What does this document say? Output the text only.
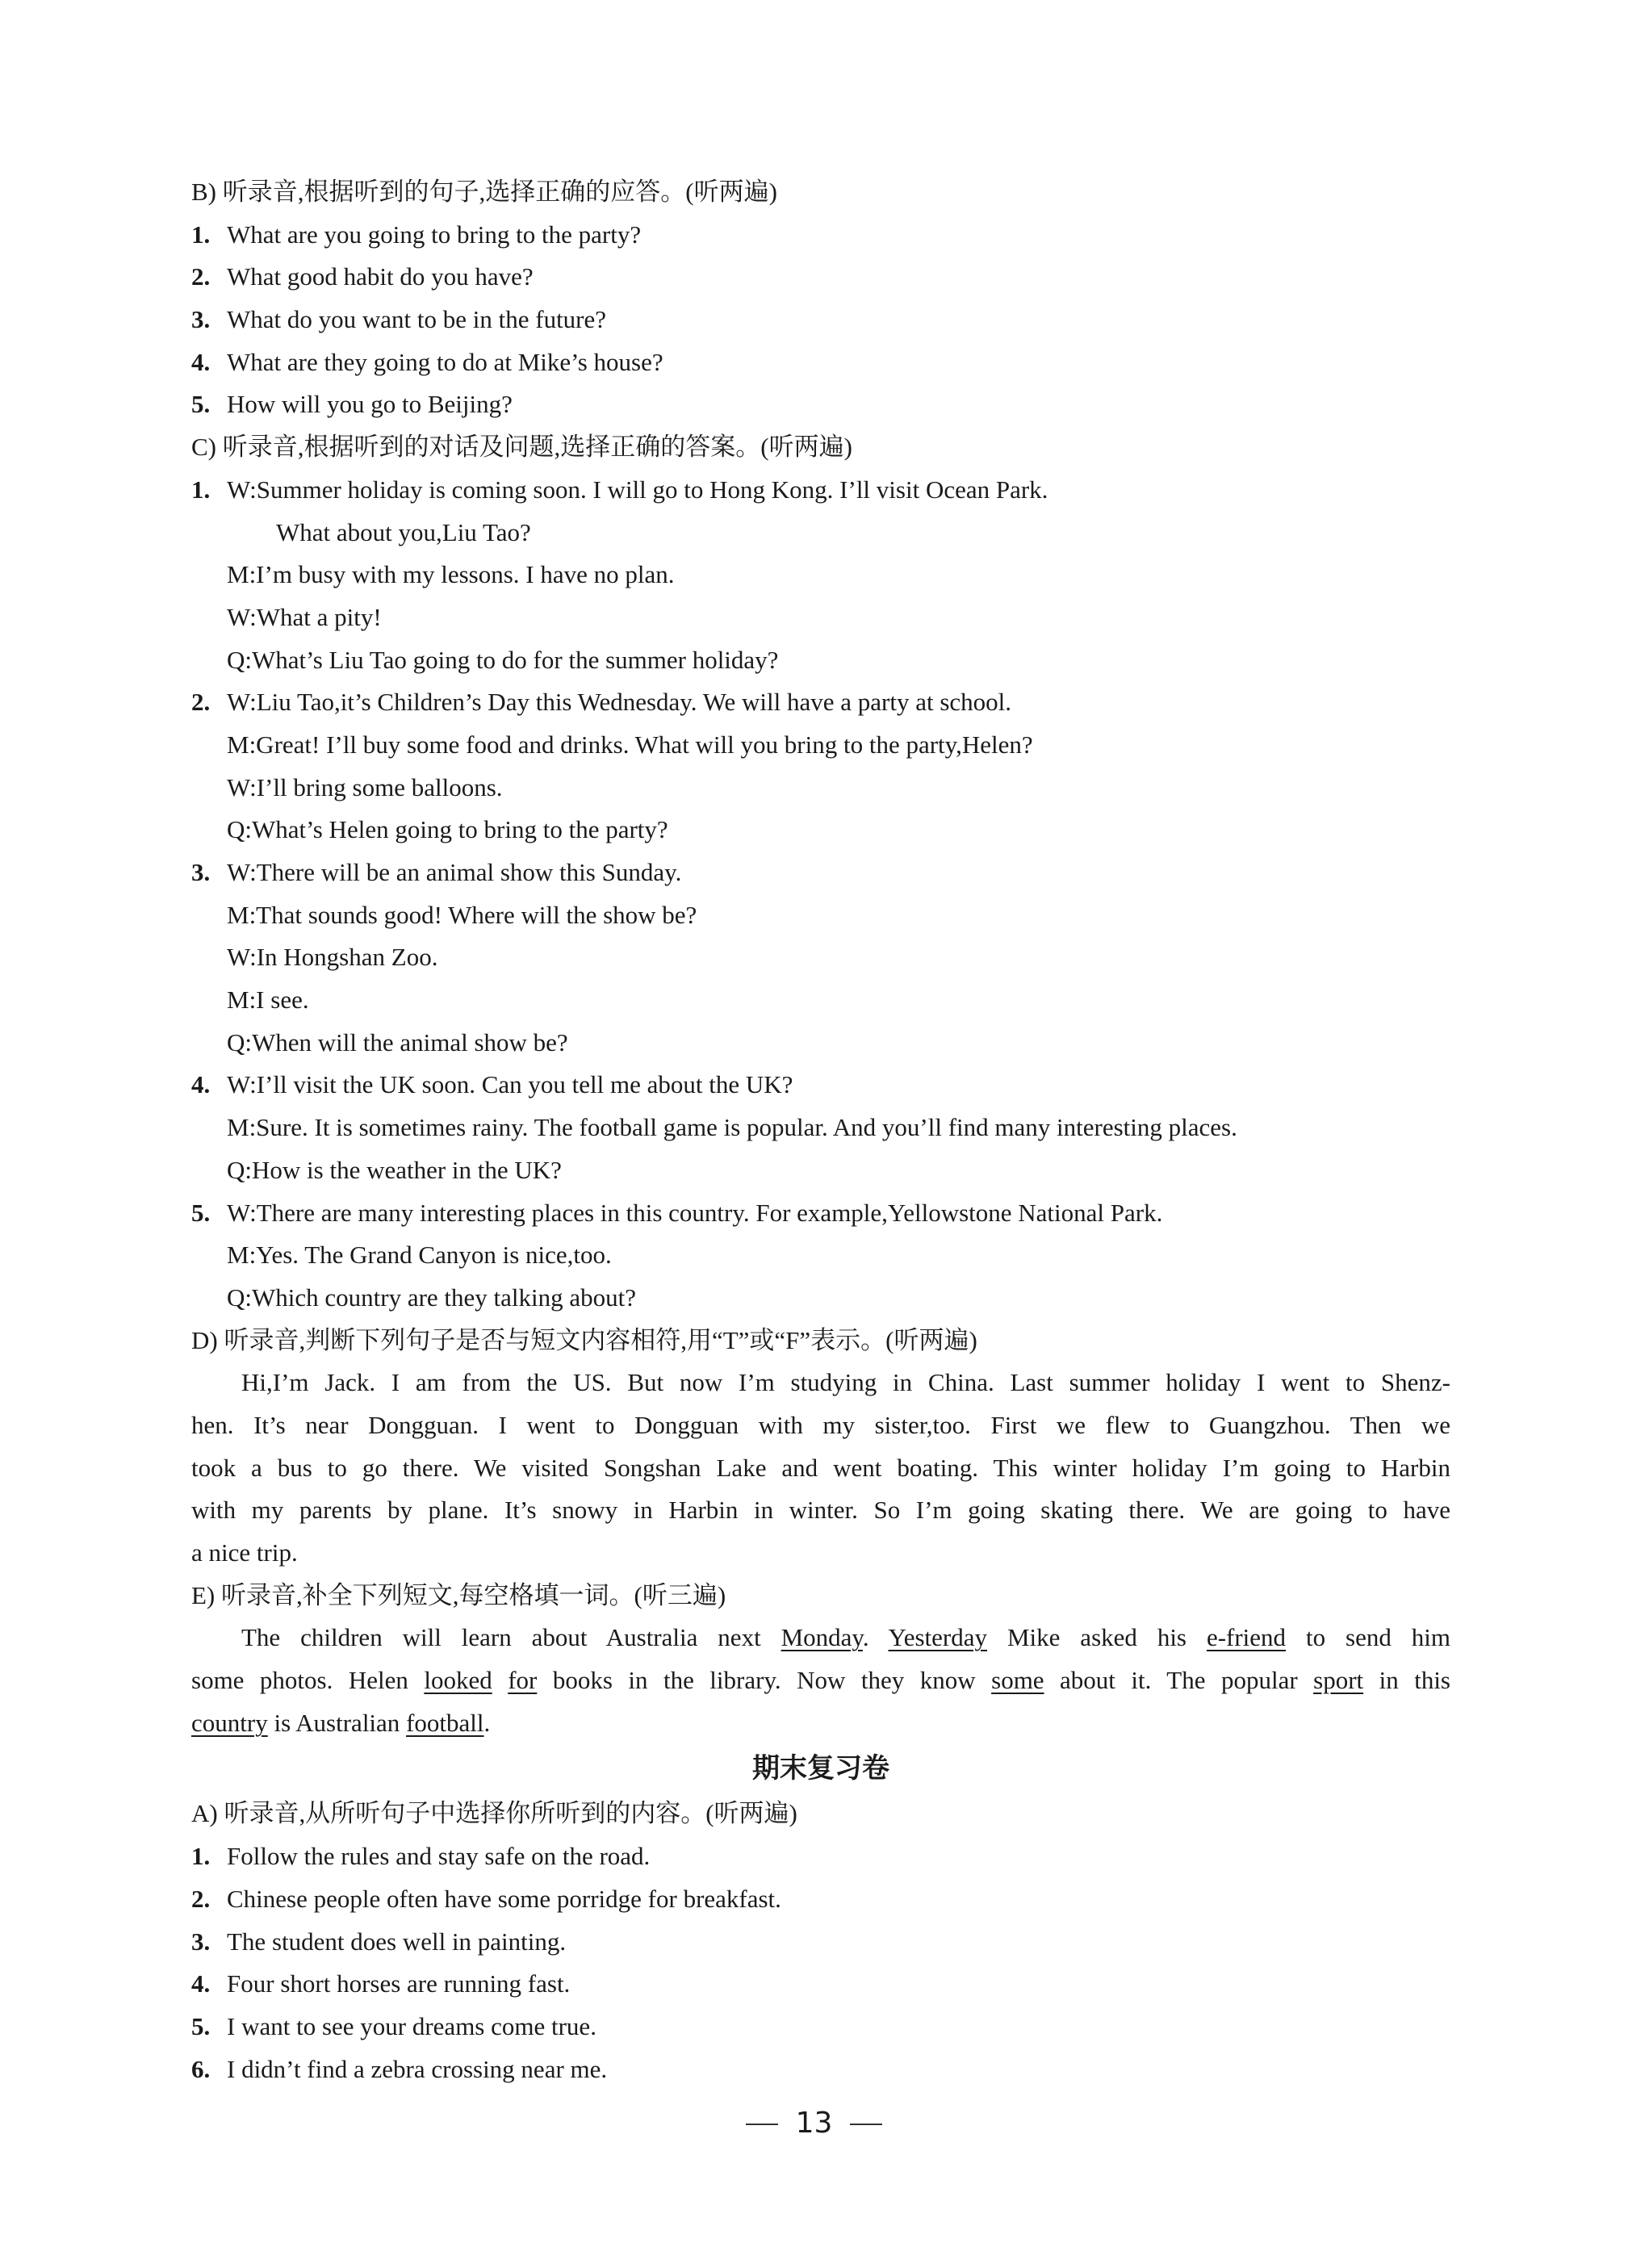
B) 听录音,根据听到的句子,选择正确的应答。(听两遍)
1. What are you going to bring to the party?
2. What good habit do you have?
3. What do you want to be in the future?
4. What are they going to do at Mike’s house?
5. How will you go to Beijing?
C) 听录音,根据听到的对话及问题,选择正确的答案。(听两遍)
1. W:Summer holiday is coming soon. I will go to Hong Kong. I’ll visit Ocean Park.
What about you,Liu Tao?
M:I’m busy with my lessons. I have no plan.
W:What a pity!
Q:What’s Liu Tao going to do for the summer holiday?
2. W:Liu Tao,it’s Children’s Day this Wednesday. We will have a party at school.
M:Great! I’ll buy some food and drinks. What will you bring to the party,Helen?
W:I’ll bring some balloons.
Q:What’s Helen going to bring to the party?
3. W:There will be an animal show this Sunday.
M:That sounds good! Where will the show be?
W:In Hongshan Zoo.
M:I see.
Q:When will the animal show be?
4. W:I’ll visit the UK soon. Can you tell me about the UK?
M:Sure. It is sometimes rainy. The football game is popular. And you’ll find many interesting places.
Q:How is the weather in the UK?
5. W:There are many interesting places in this country. For example,Yellowstone National Park.
M:Yes. The Grand Canyon is nice,too.
Q:Which country are they talking about?
D) 听录音,判断下列句子是否与短文内容相符,用“T”或“F”表示。(听两遍)
Hi,I’m Jack. I am from the US. But now I’m studying in China. Last summer holiday I went to Shenz-
hen. It’s near Dongguan. I went to Dongguan with my sister,too. First we flew to Guangzhou. Then we
took a bus to go there. We visited Songshan Lake and went boating. This winter holiday I’m going to Harbin
with my parents by plane. It’s snowy in Harbin in winter. So I’m going skating there. We are going to have
a nice trip.
E) 听录音,补全下列短文,每空格填一词。(听三遍)
The children will learn about Australia next Monday. Yesterday Mike asked his e-friend to send him
some photos. Helen looked for books in the library. Now they know some about it. The popular sport in this
country is Australian football.
期末复习卷
A) 听录音,从所听句子中选择你所听到的内容。(听两遍)
1. Follow the rules and stay safe on the road.
2. Chinese people often have some porridge for breakfast.
3. The student does well in painting.
4. Four short horses are running fast.
5. I want to see your dreams come true.
6. I didn’t find a zebra crossing near me.
13
